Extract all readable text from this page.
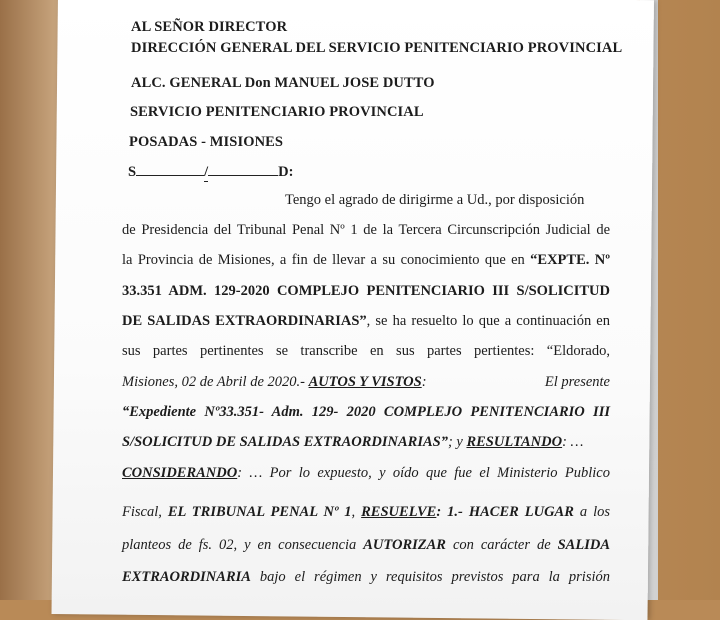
AL SEÑOR DIRECTOR
DIRECCIÓN GENERAL DEL SERVICIO PENITENCIARIO PROVINCIAL
ALC. GENERAL Don MANUEL JOSE DUTTO
SERVICIO PENITENCIARIO PROVINCIAL
POSADAS - MISIONES
S	/	D:
Tengo el agrado de dirigirme a Ud., por disposición
de Presidencia del Tribunal Penal Nº 1 de la Tercera Circunscripción Judicial de
la Provincia de Misiones, a fin de llevar a su conocimiento que en “EXPTE. Nº
33.351 ADM. 129-2020 COMPLEJO PENITENCIARIO III S/SOLICITUD
DE SALIDAS EXTRAORDINARIAS”, se ha resuelto lo que a continuación en
sus partes pertinentes se transcribe en sus partes pertientes: “Eldorado,
Misiones, 02 de Abril de 2020.- AUTOS Y VISTOS:	El presente
“Expediente Nº33.351- Adm. 129- 2020 COMPLEJO PENITENCIARIO III
S/SOLICITUD DE SALIDAS EXTRAORDINARIAS”; y RESULTANDO: …
CONSIDERANDO: … Por lo expuesto, y oído que fue el Ministerio Publico
Fiscal, EL TRIBUNAL PENAL Nº 1, RESUELVE: 1.- HACER LUGAR a los
planteos de fs. 02, y en consecuencia AUTORIZAR con carácter de SALIDA
EXTRAORDINARIA bajo el régimen y requisitos previstos para la prisión
